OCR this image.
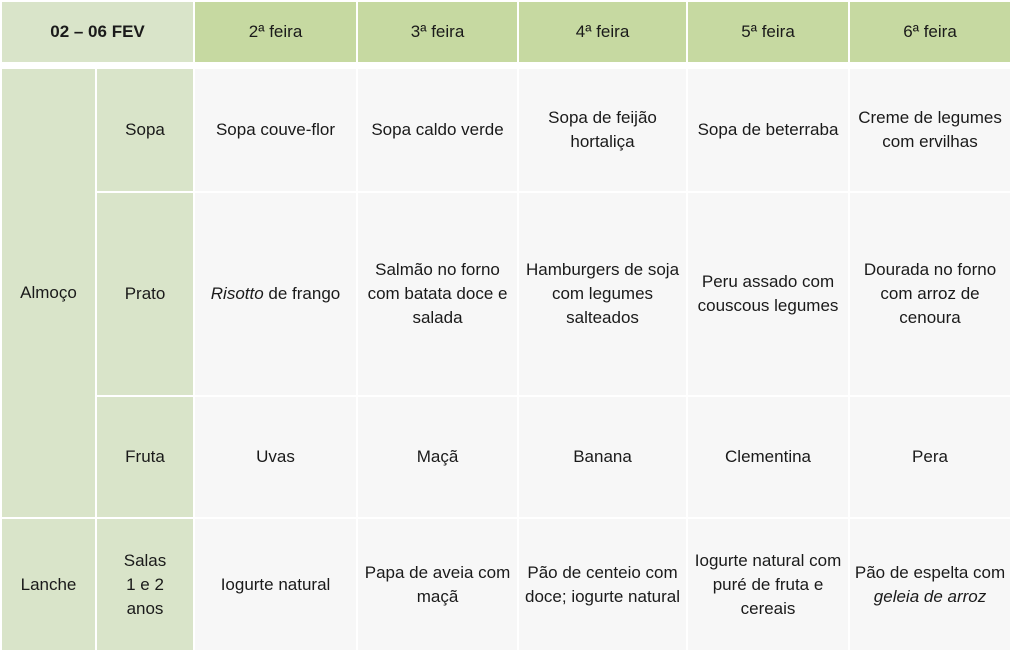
02 – 06 FEV		2ª feira	3ª feira	4ª feira	5ª feira	6ª feira

Almoço	Sopa	Sopa couve-flor	Sopa caldo verde	Sopa de feijão hortaliça	Sopa de beterraba	Creme de legumes com ervilhas
	Prato	Risotto de frango	Salmão no forno com batata doce e salada	Hamburgers de soja com legumes salteados	Peru assado com couscous legumes	Dourada no forno com arroz de cenoura
	Fruta	Uvas	Maçã	Banana	Clementina	Pera
Lanche	Salas 1 e 2 anos	Iogurte natural	Papa de aveia com maçã	Pão de centeio com doce; iogurte natural	Iogurte natural com puré de fruta e cereais	Pão de espelta com geleia de arroz
